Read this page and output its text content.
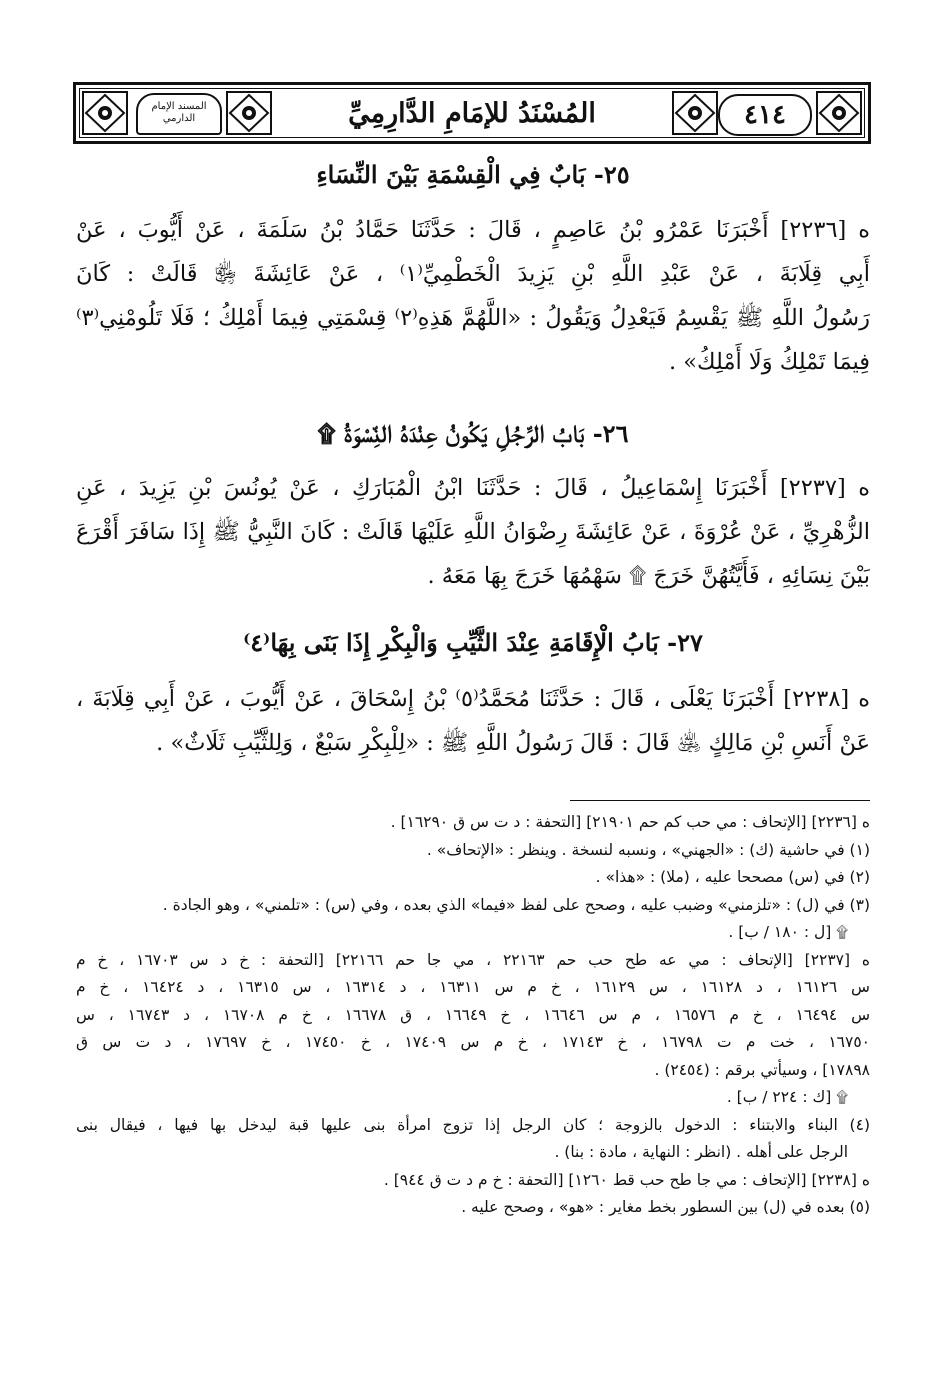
٤١٤
المُسْنَدُ للإمَامِ الدَّارِمِيِّ
المسند الإمام الدارمي
٢٥- بَابٌ فِي الْقِسْمَةِ بَيْنَ النِّسَاءِ
ه [٢٢٣٦] أَخْبَرَنَا عَمْرُو بْنُ عَاصِمٍ ، قَالَ : حَدَّثَنَا حَمَّادُ بْنُ سَلَمَةَ ، عَنْ أَيُّوبَ ، عَنْ
أَبِي قِلَابَةَ ، عَنْ عَبْدِ اللَّهِ بْنِ يَزِيدَ الْخَطْمِيِّ⁽١⁾ ، عَنْ عَائِشَةَ ﵂ قَالَتْ : كَانَ
رَسُولُ اللَّهِ ﷺ يَقْسِمُ فَيَعْدِلُ وَيَقُولُ : «اللَّهُمَّ هَذِهِ⁽٢⁾ قِسْمَتِي فِيمَا أَمْلِكُ ؛ فَلَا تَلُومْنِي⁽٣⁾
فِيمَا تَمْلِكُ وَلَا أَمْلِكُ» .
٢٦- بَابُ الرَّجُلِ يَكُونُ عِنْدَهُ النِّسْوَةُ ۩
ه [٢٢٣٧] أَخْبَرَنَا إِسْمَاعِيلُ ، قَالَ : حَدَّثَنَا ابْنُ الْمُبَارَكِ ، عَنْ يُونُسَ بْنِ يَزِيدَ ، عَنِ
الزُّهْرِيِّ ، عَنْ عُرْوَةَ ، عَنْ عَائِشَةَ رِضْوَانُ اللَّهِ عَلَيْهَا قَالَتْ : كَانَ النَّبِيُّ ﷺ إِذَا سَافَرَ أَقْرَعَ
بَيْنَ نِسَائِهِ ، فَأَيَّتُهُنَّ خَرَجَ ۩ سَهْمُهَا خَرَجَ بِهَا مَعَهُ .
٢٧- بَابُ الْإِقَامَةِ عِنْدَ الثَّيِّبِ وَالْبِكْرِ إِذَا بَنَى بِهَا⁽٤⁾
ه [٢٢٣٨] أَخْبَرَنَا يَعْلَى ، قَالَ : حَدَّثَنَا مُحَمَّدُ⁽٥⁾ بْنُ إِسْحَاقَ ، عَنْ أَيُّوبَ ، عَنْ أَبِي قِلَابَةَ ،
عَنْ أَنَسِ بْنِ مَالِكٍ ﵁ قَالَ : قَالَ رَسُولُ اللَّهِ ﷺ : «لِلْبِكْرِ سَبْعٌ ، وَلِلثَّيِّبِ ثَلَاثٌ» .
ه [٢٢٣٦] [الإتحاف : مي حب كم حم ٢١٩٠١] [التحفة : د ت س ق ١٦٢٩٠] .
(١) في حاشية (ك) : «الجهني» ، ونسبه لنسخة . وينظر : «الإتحاف» .
(٢) في (س) مصححا عليه ، (ملا) : «هذا» .
(٣) في (ل) : «تلزمني» وضبب عليه ، وصحح على لفظ «فيما» الذي بعده ، وفي (س) : «تلمني» ، وهو الجادة .
۩ [ل : ١٨٠ / ب] .
ه [٢٢٣٧] [الإتحاف : مي عه طح حب حم ٢٢١٦٣ ، مي جا حم ٢٢١٦٦] [التحفة : خ د س ١٦٧٠٣ ، خ م
س ١٦١٢٦ ، د ١٦١٢٨ ، س ١٦١٢٩ ، خ م س ١٦٣١١ ، د ١٦٣١٤ ، س ١٦٣١٥ ، د ١٦٤٢٤ ، خ م
س ١٦٤٩٤ ، خ م ١٦٥٧٦ ، م س ١٦٦٤٦ ، خ ١٦٦٤٩ ، ق ١٦٦٧٨ ، خ م ١٦٧٠٨ ، د ١٦٧٤٣ ، س
١٦٧٥٠ ، خت م ت ١٦٧٩٨ ، خ ١٧١٤٣ ، خ م س ١٧٤٠٩ ، خ ١٧٤٥٠ ، خ ١٧٦٩٧ ، د ت س ق
١٧٨٩٨] ، وسيأتي برقم : (٢٤٥٤) .
۩ [ك : ٢٢٤ / ب] .
(٤) البناء والابتناء : الدخول بالزوجة ؛ كان الرجل إذا تزوج امرأة بنى عليها قبة ليدخل بها فيها ، فيقال بنى
الرجل على أهله . (انظر : النهاية ، مادة : بنا) .
ه [٢٢٣٨] [الإتحاف : مي جا طح حب قط ١٢٦٠] [التحفة : خ م د ت ق ٩٤٤] .
(٥) بعده في (ل) بين السطور بخط مغاير : «هو» ، وصحح عليه .
